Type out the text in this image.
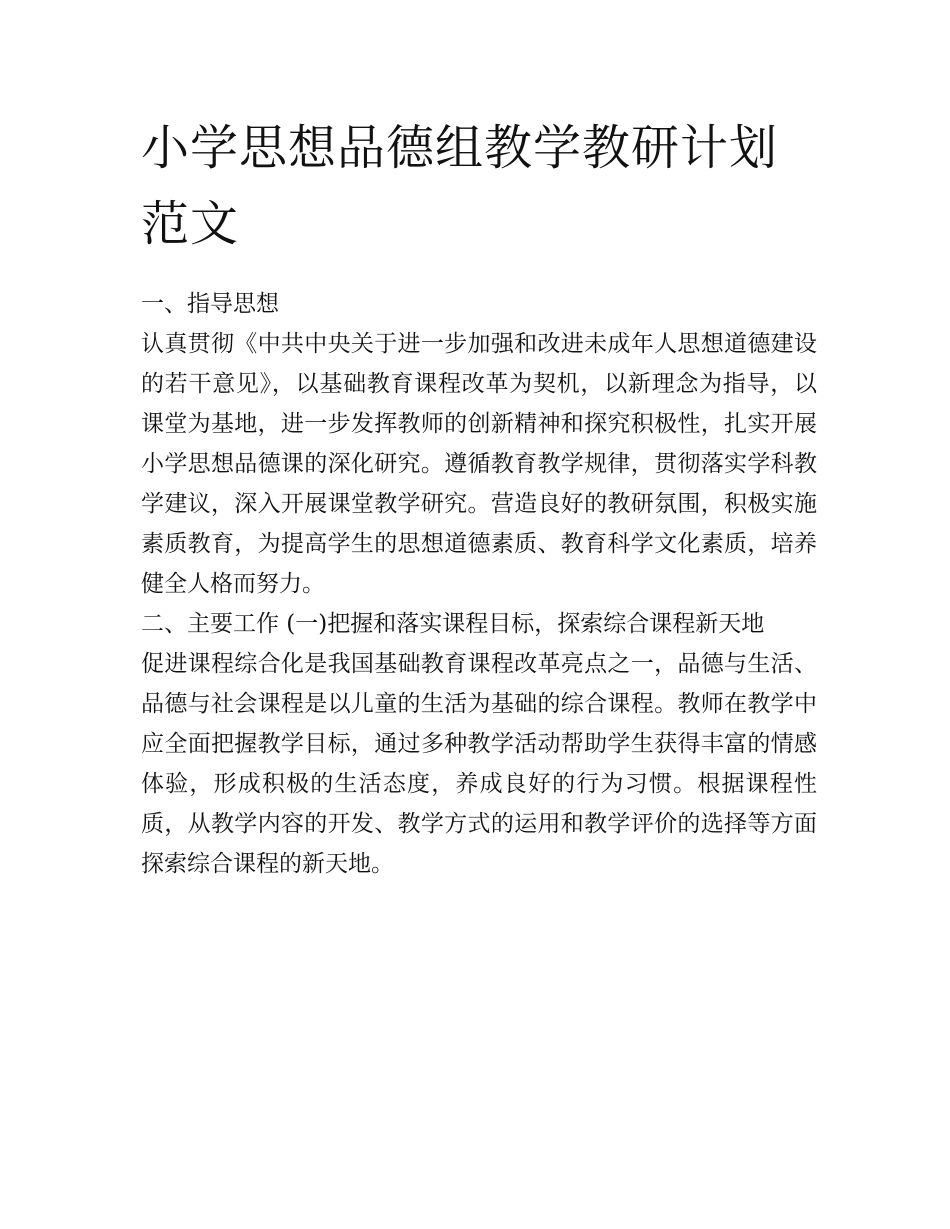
小学思想品德组教学教研计划范文

一、指导思想

认真贯彻《中共中央关于进一步加强和改进未成年人思想道德建设的若干意见》，以基础教育课程改革为契机，以新理念为指导，以课堂为基地，进一步发挥教师的创新精神和探究积极性，扎实开展小学思想品德课的深化研究。遵循教育教学规律，贯彻落实学科教学建议，深入开展课堂教学研究。营造良好的教研氛围，积极实施素质教育，为提高学生的思想道德素质、教育科学文化素质，培养健全人格而努力。

二、主要工作 (一)把握和落实课程目标，探索综合课程新天地

促进课程综合化是我国基础教育课程改革亮点之一，品德与生活、品德与社会课程是以儿童的生活为基础的综合课程。教师在教学中应全面把握教学目标，通过多种教学活动帮助学生获得丰富的情感体验，形成积极的生活态度，养成良好的行为习惯。根据课程性质，从教学内容的开发、教学方式的运用和教学评价的选择等方面探索综合课程的新天地。
